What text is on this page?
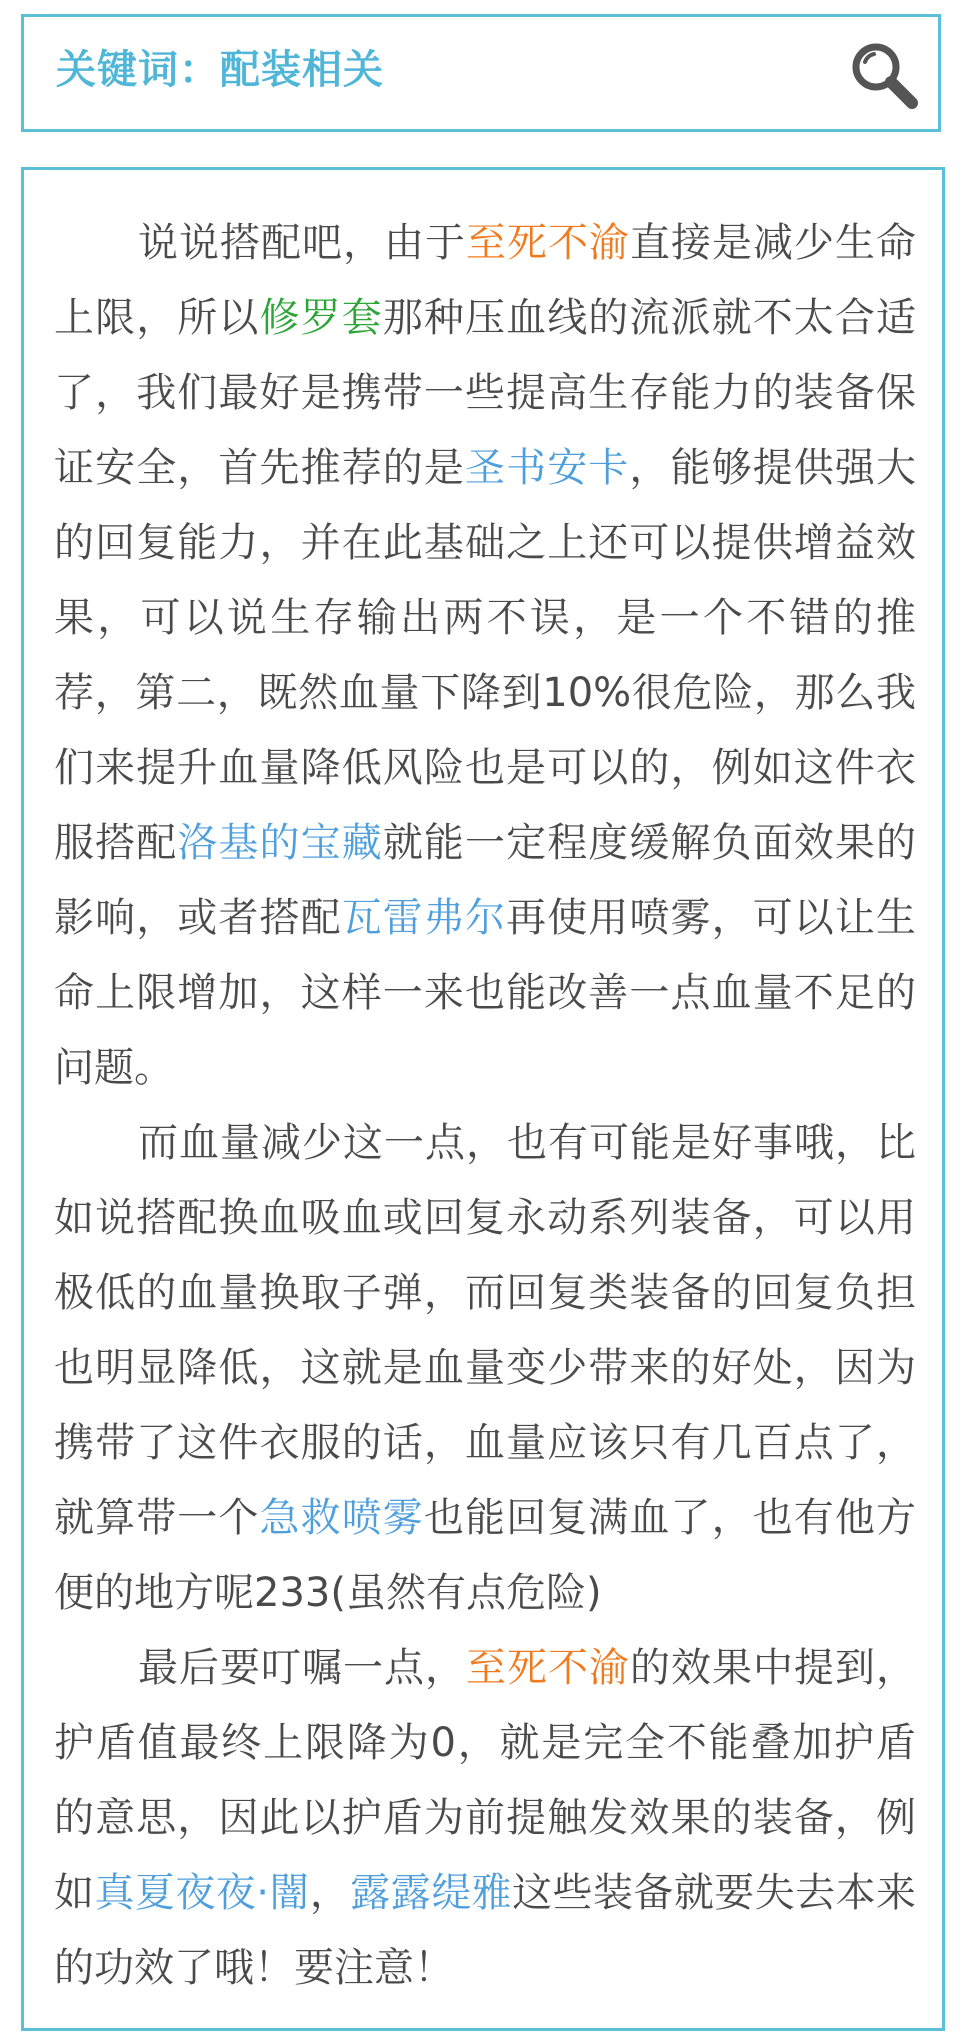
关键词：配装相关

说说搭配吧，由于至死不渝直接是减少生命上限，所以修罗套那种压血线的流派就不太合适了，我们最好是携带一些提高生存能力的装备保证安全，首先推荐的是圣书安卡，能够提供强大的回复能力，并在此基础之上还可以提供增益效果，可以说生存输出两不误，是一个不错的推荐，第二，既然血量下降到10%很危险，那么我们来提升血量降低风险也是可以的，例如这件衣服搭配洛基的宝藏就能一定程度缓解负面效果的影响，或者搭配瓦雷弗尔再使用喷雾，可以让生命上限增加，这样一来也能改善一点血量不足的问题。

而血量减少这一点，也有可能是好事哦，比如说搭配换血吸血或回复永动系列装备，可以用极低的血量换取子弹，而回复类装备的回复负担也明显降低，这就是血量变少带来的好处，因为携带了这件衣服的话，血量应该只有几百点了，就算带一个急救喷雾也能回复满血了，也有他方便的地方呢233(虽然有点危险)

最后要叮嘱一点，至死不渝的效果中提到，护盾值最终上限降为0，就是完全不能叠加护盾的意思，因此以护盾为前提触发效果的装备，例如真夏夜夜·闇，露露缇雅这些装备就要失去本来的功效了哦！要注意！
